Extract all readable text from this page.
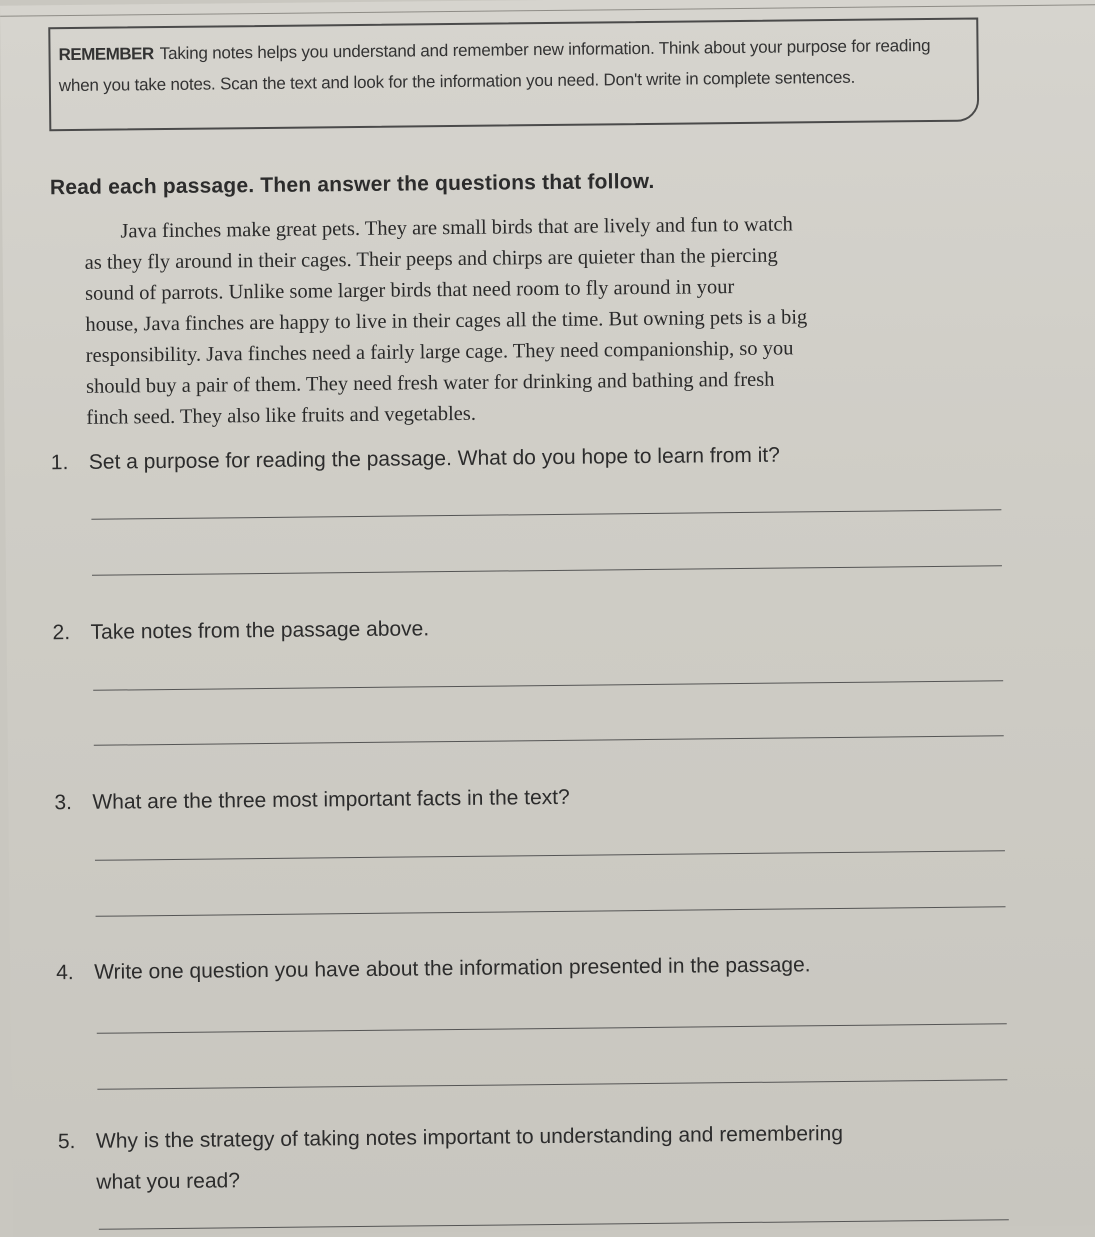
REMEMBER Taking notes helps you understand and remember new information. Think about your purpose for reading when you take notes. Scan the text and look for the information you need. Don't write in complete sentences.
Read each passage. Then answer the questions that follow.
Java finches make great pets. They are small birds that are lively and fun to watch
as they fly around in their cages. Their peeps and chirps are quieter than the piercing
sound of parrots. Unlike some larger birds that need room to fly around in your
house, Java finches are happy to live in their cages all the time. But owning pets is a big
responsibility. Java finches need a fairly large cage. They need companionship, so you
should buy a pair of them. They need fresh water for drinking and bathing and fresh
finch seed. They also like fruits and vegetables.
1. Set a purpose for reading the passage. What do you hope to learn from it?
2. Take notes from the passage above.
3. What are the three most important facts in the text?
4. Write one question you have about the information presented in the passage.
5. Why is the strategy of taking notes important to understanding and remembering
what you read?
